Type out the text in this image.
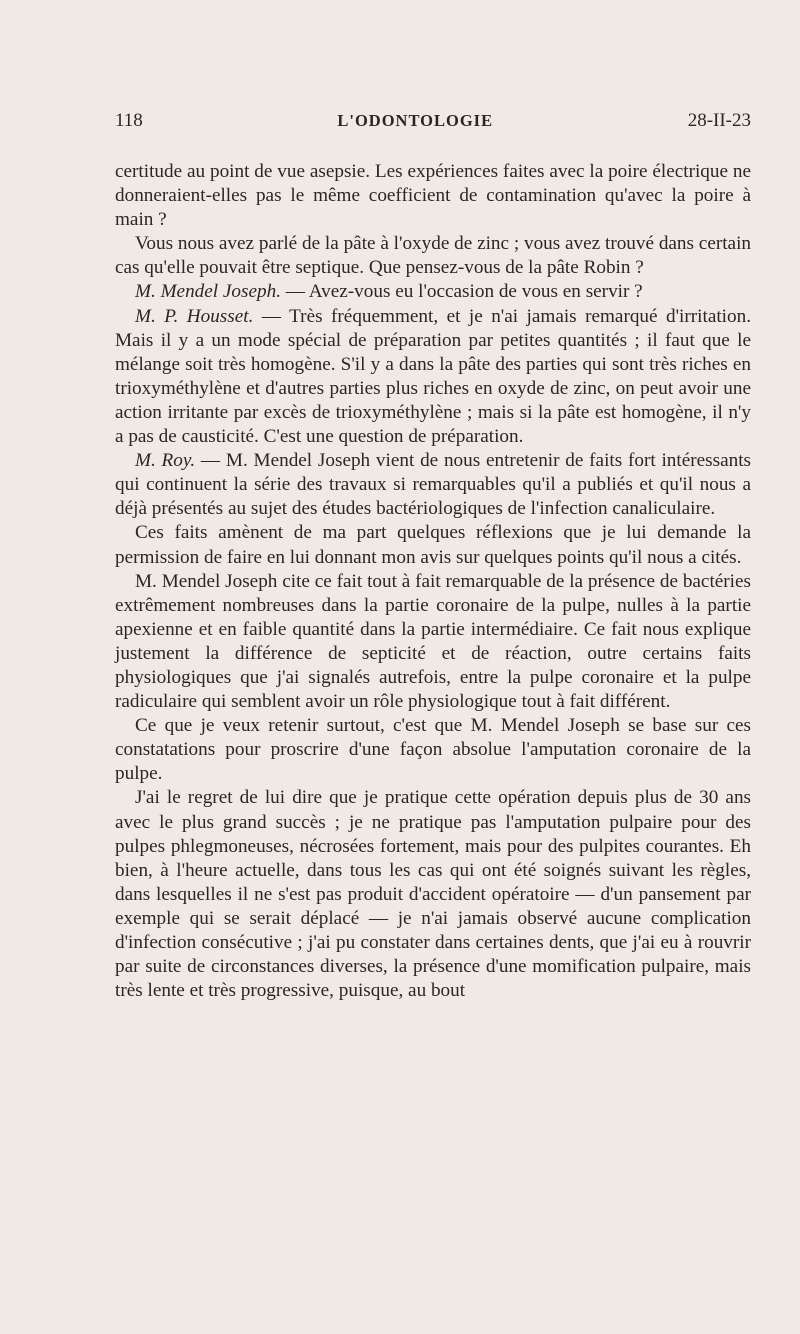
118	L'ODONTOLOGIE	28-II-23

certitude au point de vue asepsie. Les expériences faites avec la poire électrique ne donneraient-elles pas le même coefficient de contamination qu'avec la poire à main ?

Vous nous avez parlé de la pâte à l'oxyde de zinc ; vous avez trouvé dans certain cas qu'elle pouvait être septique. Que pensez-vous de la pâte Robin ?

M. Mendel Joseph. — Avez-vous eu l'occasion de vous en servir ?

M. P. Housset. — Très fréquemment, et je n'ai jamais remarqué d'irritation. Mais il y a un mode spécial de préparation par petites quantités ; il faut que le mélange soit très homogène. S'il y a dans la pâte des parties qui sont très riches en trioxyméthylène et d'autres parties plus riches en oxyde de zinc, on peut avoir une action irritante par excès de trioxyméthylène ; mais si la pâte est homogène, il n'y a pas de causticité. C'est une question de préparation.

M. Roy. — M. Mendel Joseph vient de nous entretenir de faits fort intéressants qui continuent la série des travaux si remarquables qu'il a publiés et qu'il nous a déjà présentés au sujet des études bactériologiques de l'infection canaliculaire.

Ces faits amènent de ma part quelques réflexions que je lui demande la permission de faire en lui donnant mon avis sur quelques points qu'il nous a cités.

M. Mendel Joseph cite ce fait tout à fait remarquable de la présence de bactéries extrêmement nombreuses dans la partie coronaire de la pulpe, nulles à la partie apexienne et en faible quantité dans la partie intermédiaire. Ce fait nous explique justement la différence de septicité et de réaction, outre certains faits physiologiques que j'ai signalés autrefois, entre la pulpe coronaire et la pulpe radiculaire qui semblent avoir un rôle physiologique tout à fait différent.

Ce que je veux retenir surtout, c'est que M. Mendel Joseph se base sur ces constatations pour proscrire d'une façon absolue l'amputation coronaire de la pulpe.

J'ai le regret de lui dire que je pratique cette opération depuis plus de 30 ans avec le plus grand succès ; je ne pratique pas l'amputation pulpaire pour des pulpes phlegmoneuses, nécrosées fortement, mais pour des pulpites courantes. Eh bien, à l'heure actuelle, dans tous les cas qui ont été soignés suivant les règles, dans lesquelles il ne s'est pas produit d'accident opératoire — d'un pansement par exemple qui se serait déplacé — je n'ai jamais observé aucune complication d'infection consécutive ; j'ai pu constater dans certaines dents, que j'ai eu à rouvrir par suite de circonstances diverses, la présence d'une momification pulpaire, mais très lente et très progressive, puisque, au bout
